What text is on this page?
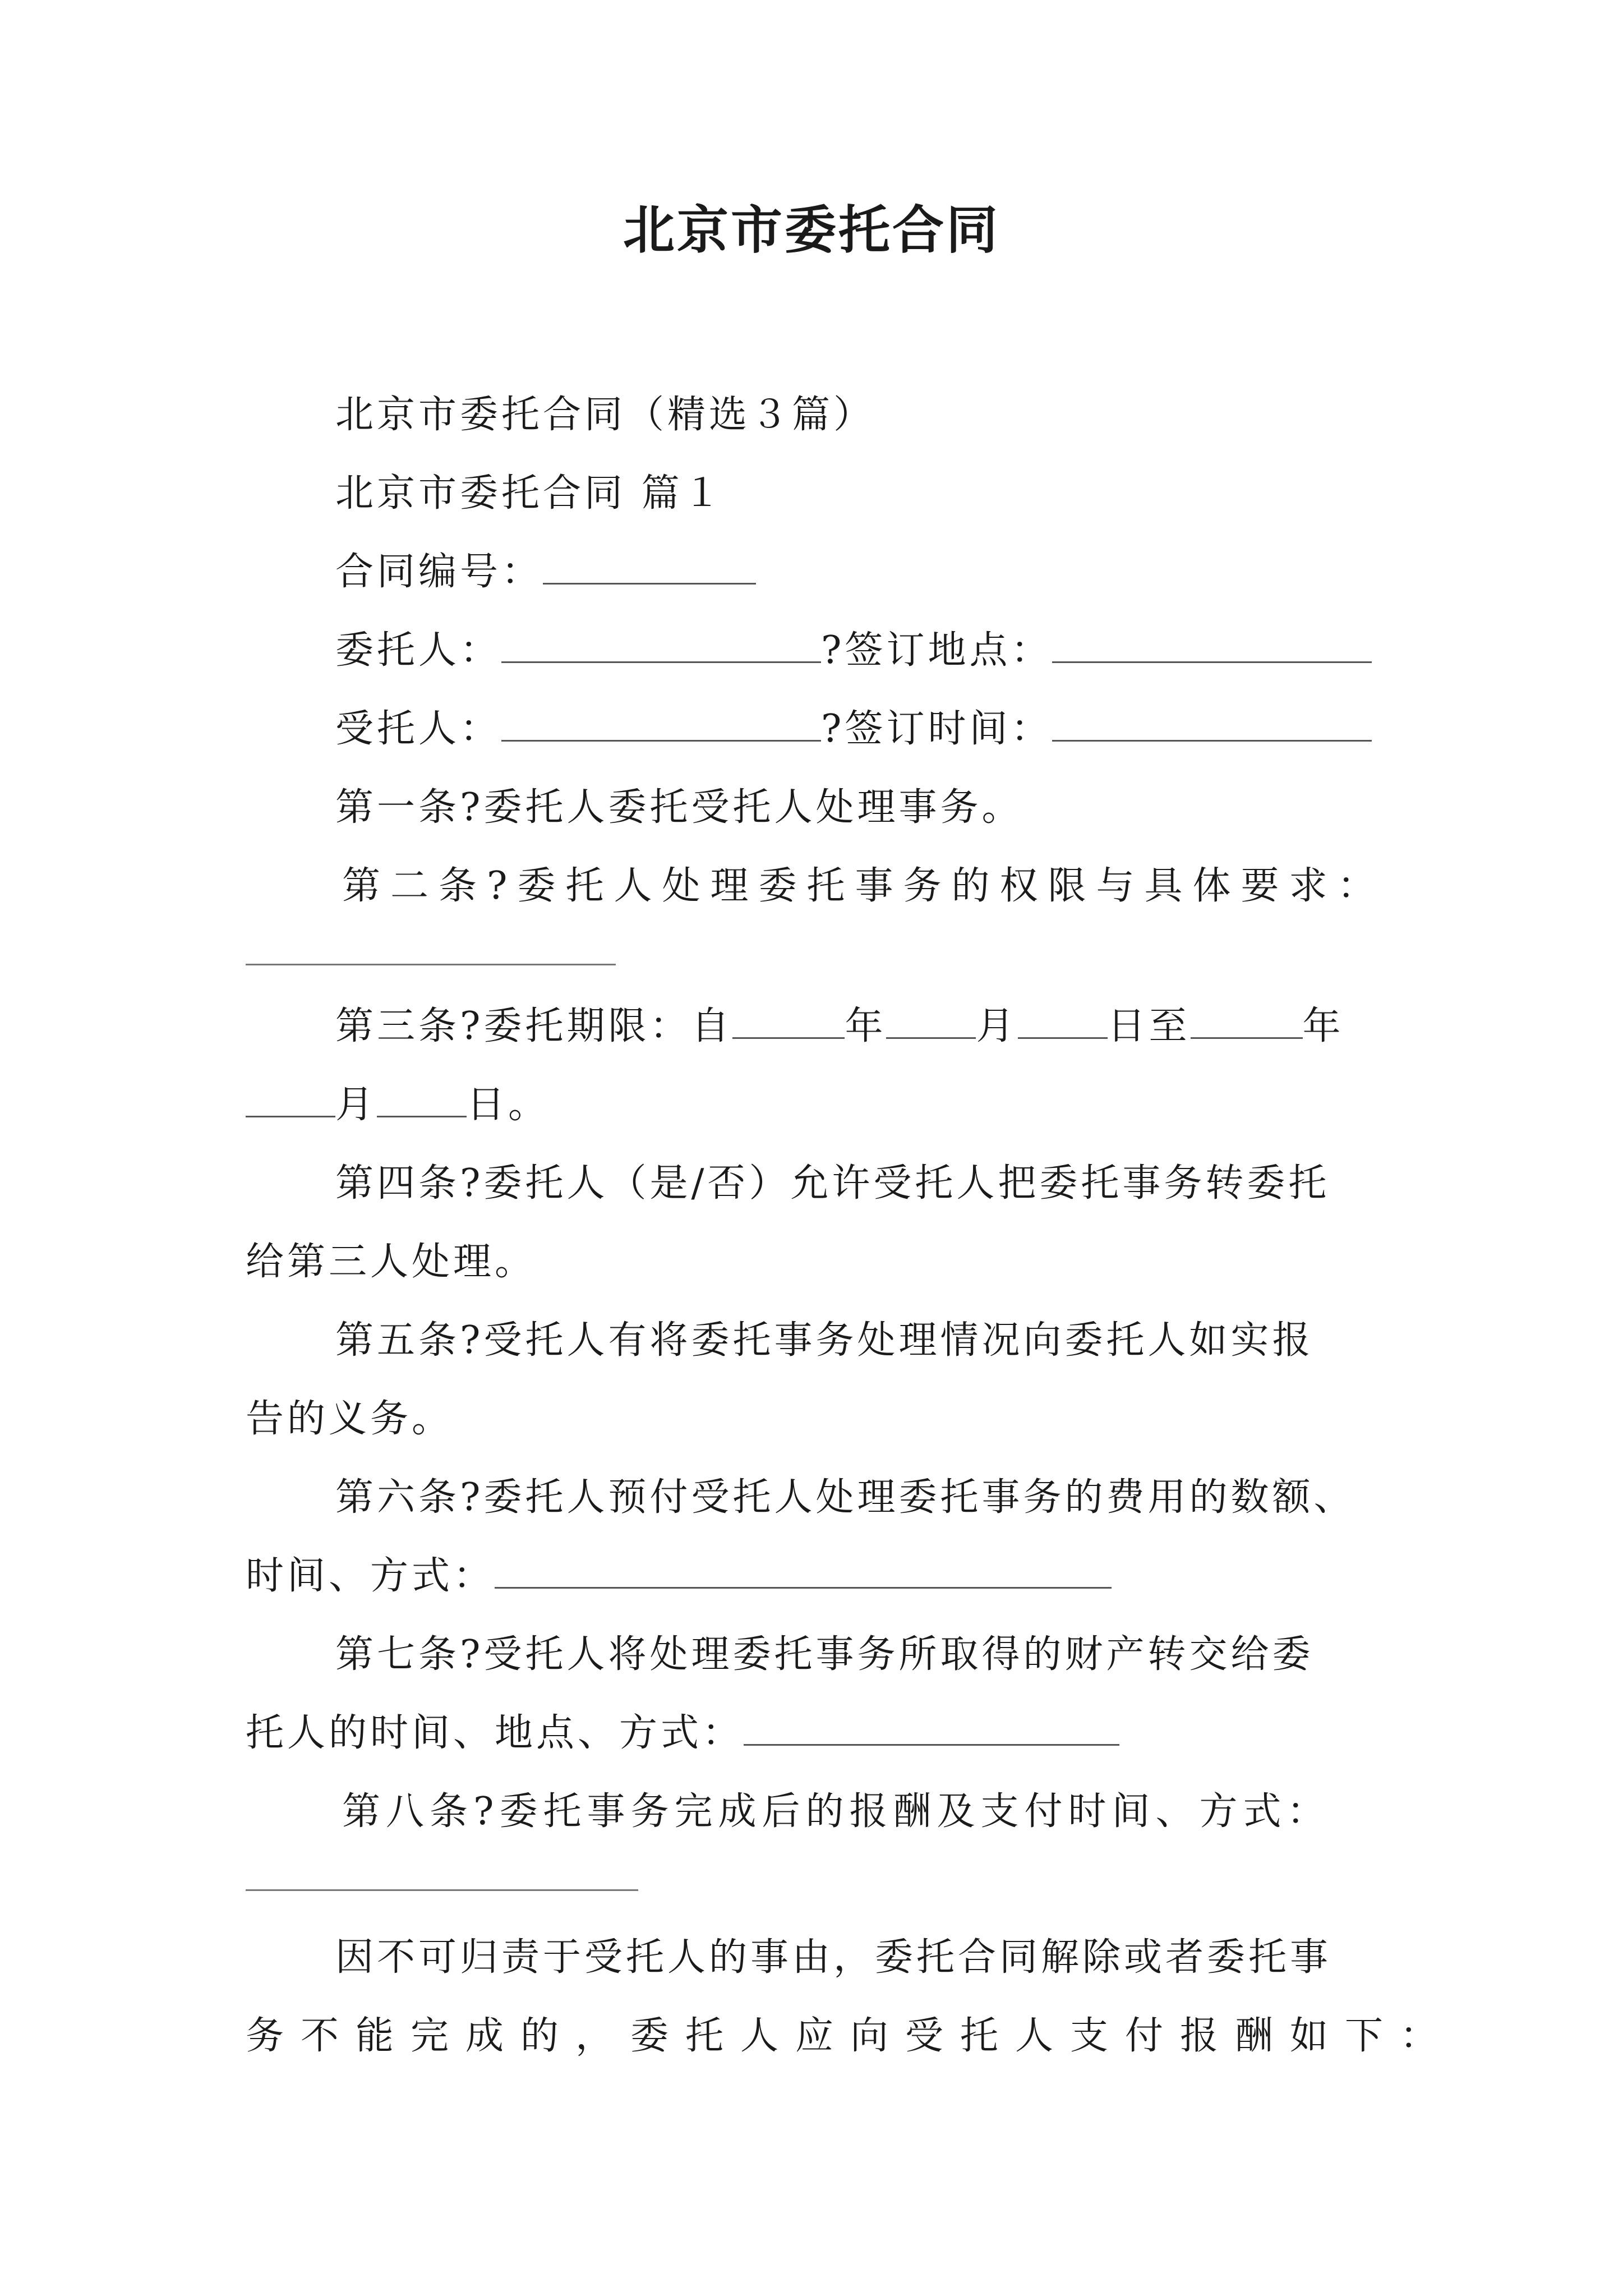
北京市委托合同
北京市委托合同（精选３篇）
北京市委托合同 篇１
合同编号：
委托人：	?签订地点：
受托人：	?签订时间：
第一条?委托人委托受托人处理事务。
第二条?委托人处理委托事务的权限与具体要求：
第三条?委托期限：自	年 月 日至	年
月 日。
第四条?委托人（是/否）允许受托人把委托事务转委托
给第三人处理。
第五条?受托人有将委托事务处理情况向委托人如实报
告的义务。
第六条?委托人预付受托人处理委托事务的费用的数额、
时间、方式：
第七条?受托人将处理委托事务所取得的财产转交给委
托人的时间、地点、方式：
第八条?委托事务完成后的报酬及支付时间、方式：
因不可归责于受托人的事由，委托合同解除或者委托事
务不能完成的，委托人应向受托人支付报酬如下：
